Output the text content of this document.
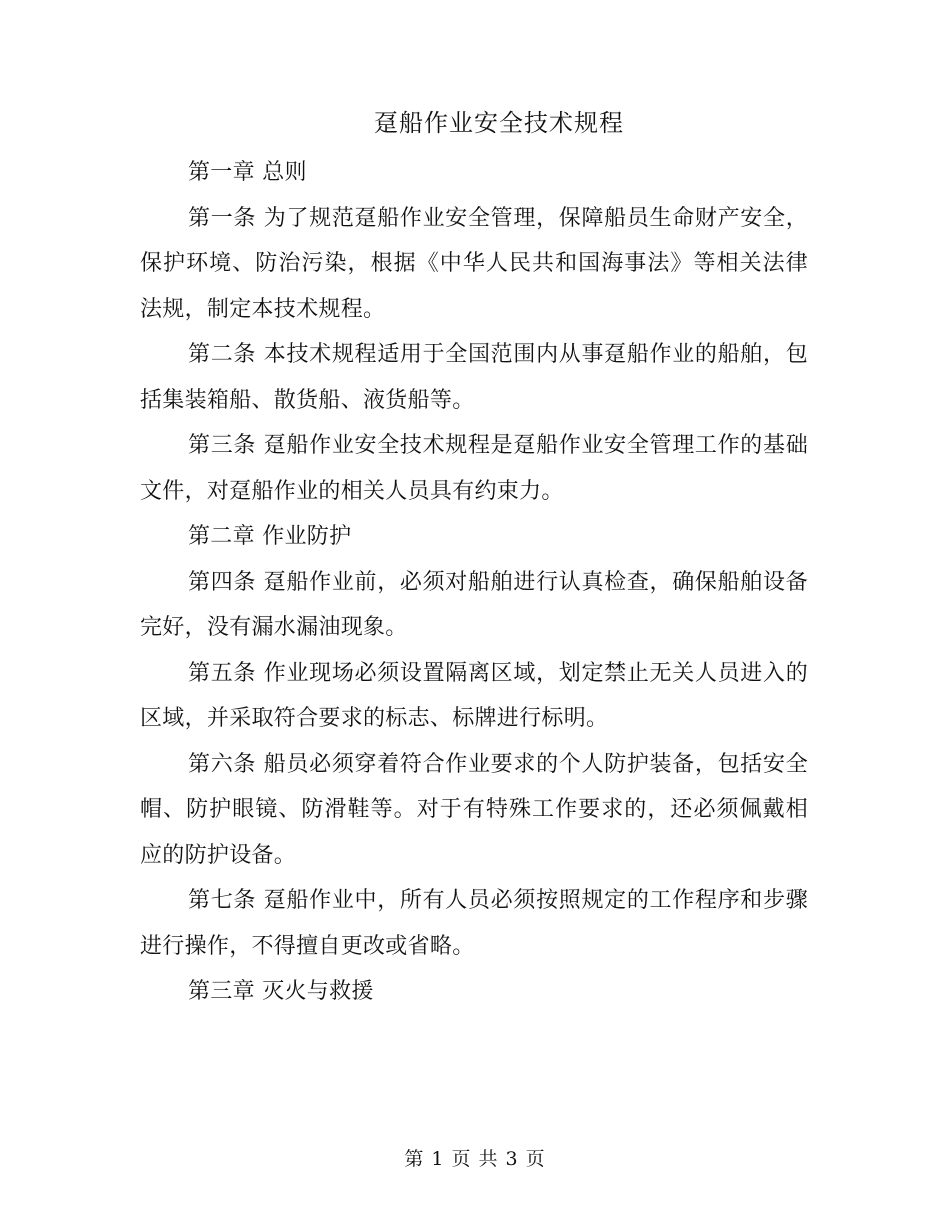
趸船作业安全技术规程

第一章 总则

第一条 为了规范趸船作业安全管理，保障船员生命财产安全，保护环境、防治污染，根据《中华人民共和国海事法》等相关法律法规，制定本技术规程。

第二条 本技术规程适用于全国范围内从事趸船作业的船舶，包括集装箱船、散货船、液货船等。

第三条 趸船作业安全技术规程是趸船作业安全管理工作的基础文件，对趸船作业的相关人员具有约束力。

第二章 作业防护

第四条 趸船作业前，必须对船舶进行认真检查，确保船舶设备完好，没有漏水漏油现象。

第五条 作业现场必须设置隔离区域，划定禁止无关人员进入的区域，并采取符合要求的标志、标牌进行标明。

第六条 船员必须穿着符合作业要求的个人防护装备，包括安全帽、防护眼镜、防滑鞋等。对于有特殊工作要求的，还必须佩戴相应的防护设备。

第七条 趸船作业中，所有人员必须按照规定的工作程序和步骤进行操作，不得擅自更改或省略。

第三章 灭火与救援

第 1 页 共 3 页
